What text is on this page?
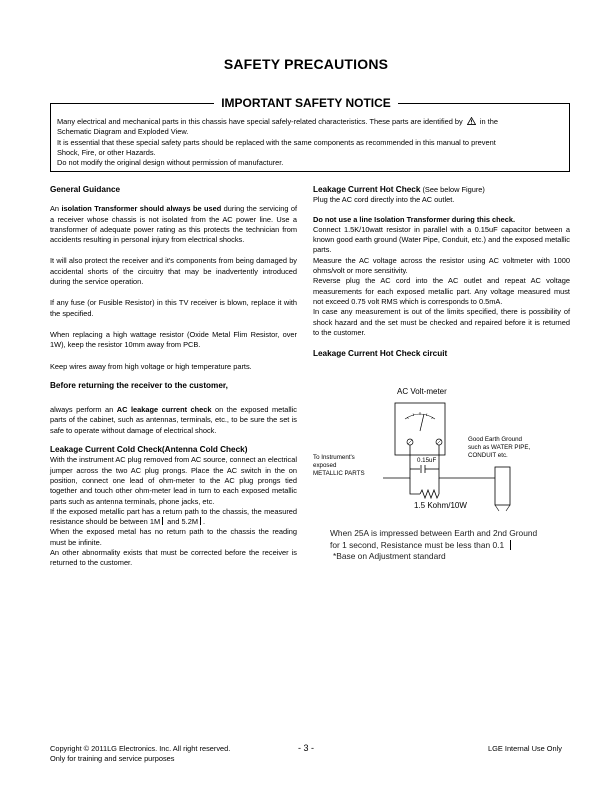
SAFETY PRECAUTIONS
IMPORTANT SAFETY NOTICE
Many electrical and mechanical parts in this chassis have special safely-related characteristics. These parts are identified by in the
Schematic Diagram and Exploded View.
It is essential that these special safety parts should be replaced with the same components as recommended in this manual to prevent
Shock, Fire, or other Hazards.
Do not modify the original design without permission of manufacturer.

General Guidance

An isolation Transformer should always be used during the servicing of a receiver whose chassis is not isolated from the AC power line. Use a transformer of adequate power rating as this protects the technician from accidents resulting in personal injury from electrical shocks.

It will also protect the receiver and it's components from being damaged by accidental shorts of the circuitry that may be inadvertently introduced during the service operation.

If any fuse (or Fusible Resistor) in this TV receiver is blown, replace it with the specified.

When replacing a high wattage resistor (Oxide Metal Flim Resistor, over 1W), keep the resistor 10mm away from PCB.

Keep wires away from high voltage or high temperature parts.

Before returning the receiver to the customer,

always perform an AC leakage current check on the exposed metallic parts of the cabinet, such as antennas, terminals, etc., to be sure the set is safe to operate without damage of electrical shock.

Leakage Current Cold Check(Antenna Cold Check)

With the instrument AC plug removed from AC source, connect an electrical jumper across the two AC plug prongs. Place the AC switch in the on position, connect one lead of ohm-meter to the AC plug prongs tied together and touch other ohm-meter lead in turn to each exposed metallic parts such as antenna terminals, phone jacks, etc.

If the exposed metallic part has a return path to the chassis, the measured resistance should be between 1M and 5.2M .

When the exposed metal has no return path to the chassis the reading must be infinite.

An other abnormality exists that must be corrected before the receiver is returned to the customer.

Leakage Current Hot Check (See below Figure)

Plug the AC cord directly into the AC outlet.

Do not use a line Isolation Transformer during this check.

Connect 1.5K/10watt resistor in parallel with a 0.15uF capacitor between a known good earth ground (Water Pipe, Conduit, etc.) and the exposed metallic parts.

Measure the AC voltage across the resistor using AC voltmeter with 1000 ohms/volt or more sensitivity.

Reverse plug the AC cord into the AC outlet and repeat AC voltage measurements for each exposed metallic part. Any voltage measured must not exceed 0.75 volt RMS which is corresponds to 0.5mA.

In case any measurement is out of the limits specified, there is possibility of shock hazard and the set must be checked and repaired before it is returned to the customer.

Leakage Current Hot Check circuit

AC Volt-meter
To Instrument's
exposed
METALLIC PARTS
0.15uF
1.5 Kohm/10W
Good Earth Ground
such as WATER PIPE,
CONDUIT etc.
When 25A is impressed between Earth and 2nd Ground
for 1 second, Resistance must be less than 0.1
*Base on Adjustment standard
Copyright © 2011LG Electronics. Inc. All right reserved.
Only for training and service purposes
- 3 -	LGE Internal Use Only
